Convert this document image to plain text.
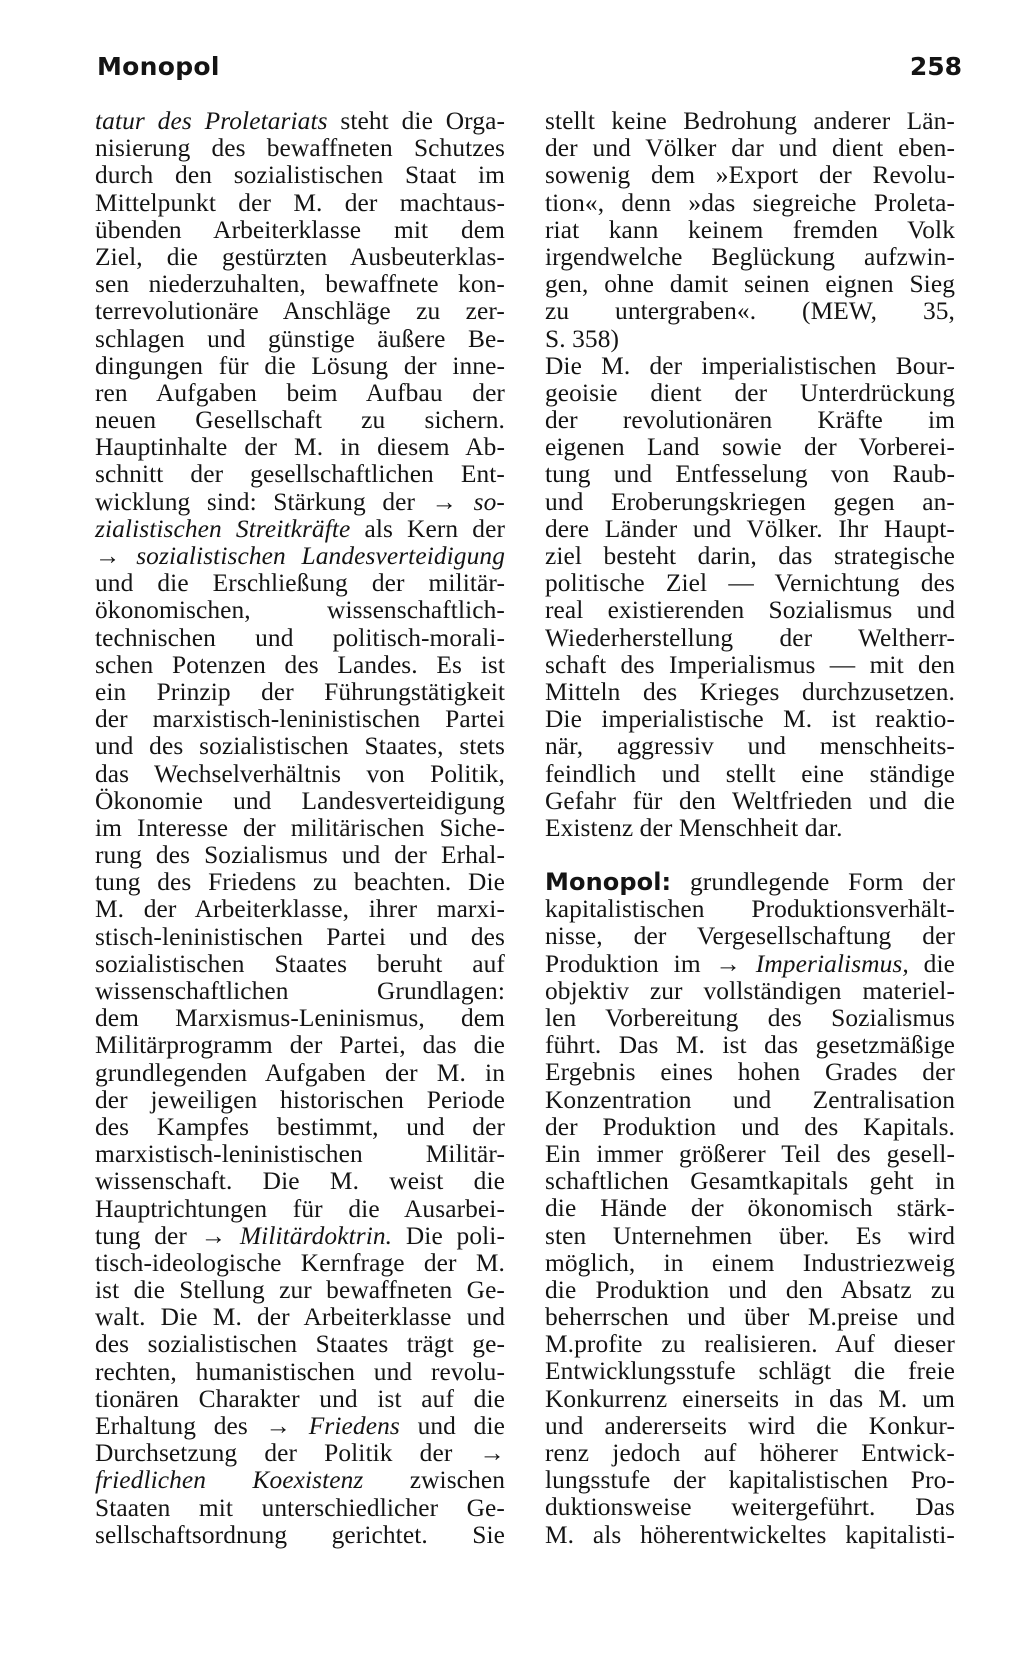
Monopol	258
tatur des Proletariats steht die Orga-
nisierung des bewaffneten Schutzes
durch den sozialistischen Staat im
Mittelpunkt der M. der machtaus-
übenden Arbeiterklasse mit dem
Ziel, die gestürzten Ausbeuterklas-
sen niederzuhalten, bewaffnete kon-
terrevolutionäre Anschläge zu zer-
schlagen und günstige äußere Be-
dingungen für die Lösung der inne-
ren Aufgaben beim Aufbau der
neuen Gesellschaft zu sichern.
Hauptinhalte der M. in diesem Ab-
schnitt der gesellschaftlichen Ent-
wicklung sind: Stärkung der → so-
zialistischen Streitkräfte als Kern der
→ sozialistischen Landesverteidigung
und die Erschließung der militär-
ökonomischen, wissenschaftlich-
technischen und politisch-morali-
schen Potenzen des Landes. Es ist
ein Prinzip der Führungstätigkeit
der marxistisch-leninistischen Partei
und des sozialistischen Staates, stets
das Wechselverhältnis von Politik,
Ökonomie und Landesverteidigung
im Interesse der militärischen Siche-
rung des Sozialismus und der Erhal-
tung des Friedens zu beachten. Die
M. der Arbeiterklasse, ihrer marxi-
stisch-leninistischen Partei und des
sozialistischen Staates beruht auf
wissenschaftlichen Grundlagen:
dem Marxismus-Leninismus, dem
Militärprogramm der Partei, das die
grundlegenden Aufgaben der M. in
der jeweiligen historischen Periode
des Kampfes bestimmt, und der
marxistisch-leninistischen Militär-
wissenschaft. Die M. weist die
Hauptrichtungen für die Ausarbei-
tung der → Militärdoktrin. Die poli-
tisch-ideologische Kernfrage der M.
ist die Stellung zur bewaffneten Ge-
walt. Die M. der Arbeiterklasse und
des sozialistischen Staates trägt ge-
rechten, humanistischen und revolu-
tionären Charakter und ist auf die
Erhaltung des → Friedens und die
Durchsetzung der Politik der →
friedlichen Koexistenz zwischen
Staaten mit unterschiedlicher Ge-
sellschaftsordnung gerichtet. Sie
stellt keine Bedrohung anderer Län-
der und Völker dar und dient eben-
sowenig dem »Export der Revolu-
tion«, denn »das siegreiche Proleta-
riat kann keinem fremden Volk
irgendwelche Beglückung aufzwin-
gen, ohne damit seinen eignen Sieg
zu untergraben«. (MEW, 35,
S. 358)
Die M. der imperialistischen Bour-
geoisie dient der Unterdrückung
der revolutionären Kräfte im
eigenen Land sowie der Vorberei-
tung und Entfesselung von Raub-
und Eroberungskriegen gegen an-
dere Länder und Völker. Ihr Haupt-
ziel besteht darin, das strategische
politische Ziel — Vernichtung des
real existierenden Sozialismus und
Wiederherstellung der Weltherr-
schaft des Imperialismus — mit den
Mitteln des Krieges durchzusetzen.
Die imperialistische M. ist reaktio-
när, aggressiv und menschheits-
feindlich und stellt eine ständige
Gefahr für den Weltfrieden und die
Existenz der Menschheit dar.
Monopol: grundlegende Form der
kapitalistischen Produktionsverhält-
nisse, der Vergesellschaftung der
Produktion im → Imperialismus, die
objektiv zur vollständigen materiel-
len Vorbereitung des Sozialismus
führt. Das M. ist das gesetzmäßige
Ergebnis eines hohen Grades der
Konzentration und Zentralisation
der Produktion und des Kapitals.
Ein immer größerer Teil des gesell-
schaftlichen Gesamtkapitals geht in
die Hände der ökonomisch stärk-
sten Unternehmen über. Es wird
möglich, in einem Industriezweig
die Produktion und den Absatz zu
beherrschen und über M.preise und
M.profite zu realisieren. Auf dieser
Entwicklungsstufe schlägt die freie
Konkurrenz einerseits in das M. um
und andererseits wird die Konkur-
renz jedoch auf höherer Entwick-
lungsstufe der kapitalistischen Pro-
duktionsweise weitergeführt. Das
M. als höherentwickeltes kapitalisti-
